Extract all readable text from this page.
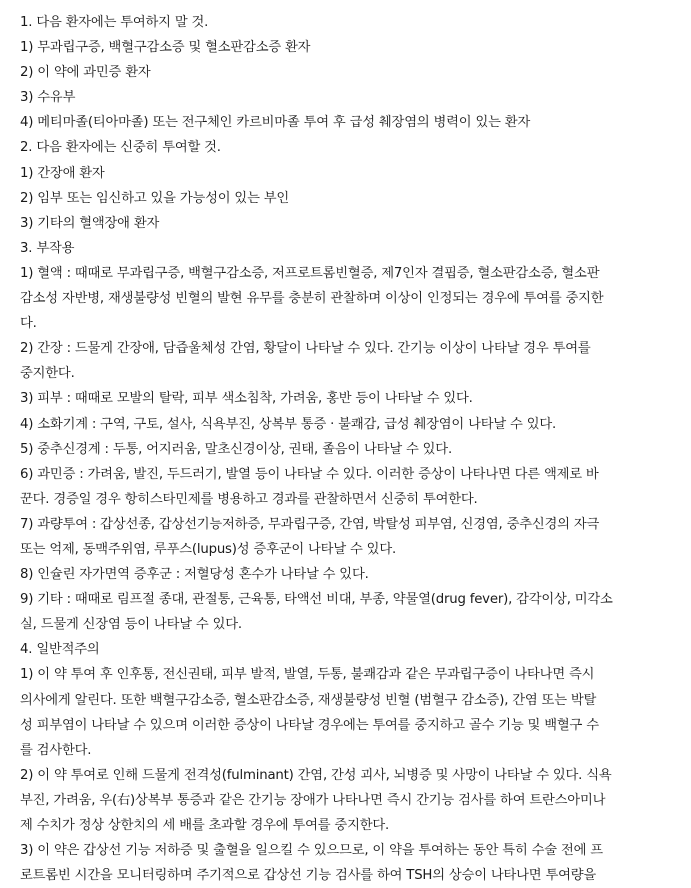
1. 다음 환자에는 투여하지 말 것.
1) 무과립구증, 백혈구감소증 및 혈소판감소증 환자
2) 이 약에 과민증 환자
3) 수유부
4) 메티마졸(티아마졸) 또는 전구체인 카르비마졸 투여 후 급성 췌장염의 병력이 있는 환자
2. 다음 환자에는 신중히 투여할 것.
1) 간장애 환자
2) 임부 또는 임신하고 있을 가능성이 있는 부인
3) 기타의 혈액장애 환자
3. 부작용
1) 혈액 : 때때로 무과립구증, 백혈구감소증, 저프로트롬빈혈증, 제7인자 결핍증, 혈소판감소증, 혈소판
감소성 자반병, 재생불량성 빈혈의 발현 유무를 충분히 관찰하며 이상이 인정되는 경우에 투여를 중지한
다.
2) 간장 : 드물게 간장애, 담즙울체성 간염, 황달이 나타날 수 있다. 간기능 이상이 나타날 경우 투여를
중지한다.
3) 피부 : 때때로 모발의 탈락, 피부 색소침착, 가려움, 홍반 등이 나타날 수 있다.
4) 소화기계 : 구역, 구토, 설사, 식욕부진, 상복부 통증 · 불쾌감, 급성 췌장염이 나타날 수 있다.
5) 중추신경계 : 두통, 어지러움, 말초신경이상, 권태, 졸음이 나타날 수 있다.
6) 과민증 : 가려움, 발진, 두드러기, 발열 등이 나타날 수 있다. 이러한 증상이 나타나면 다른 액제로 바
꾼다. 경증일 경우 항히스타민제를 병용하고 경과를 관찰하면서 신중히 투여한다.
7) 과량투여 : 갑상선종, 갑상선기능저하증, 무과립구증, 간염, 박탈성 피부염, 신경염, 중추신경의 자극
또는 억제, 동맥주위염, 루푸스(lupus)성 증후군이 나타날 수 있다.
8) 인슐린 자가면역 증후군 : 저혈당성 혼수가 나타날 수 있다.
9) 기타 : 때때로 림프절 종대, 관절통, 근육통, 타액선 비대, 부종, 약물열(drug fever), 감각이상, 미각소
실, 드물게 신장염 등이 나타날 수 있다.
4. 일반적주의
1) 이 약 투여 후 인후통, 전신권태, 피부 발적, 발열, 두통, 불쾌감과 같은 무과립구증이 나타나면 즉시
의사에게 알린다. 또한 백혈구감소증, 혈소판감소증, 재생불량성 빈혈 (범혈구 감소증), 간염 또는 박탈
성 피부염이 나타날 수 있으며 이러한 증상이 나타날 경우에는 투여를 중지하고 골수 기능 및 백혈구 수
를 검사한다.
2) 이 약 투여로 인해 드물게 전격성(fulminant) 간염, 간성 괴사, 뇌병증 및 사망이 나타날 수 있다. 식욕
부진, 가려움, 우(右)상복부 통증과 같은 간기능 장애가 나타나면 즉시 간기능 검사를 하여 트란스아미나
제 수치가 정상 상한치의 세 배를 초과할 경우에 투여를 중지한다.
3) 이 약은 갑상선 기능 저하증 및 출혈을 일으킬 수 있으므로, 이 약을 투여하는 동안 특히 수술 전에 프
로트롬빈 시간을 모니터링하며 주기적으로 갑상선 기능 검사를 하여 TSH의 상승이 나타나면 투여량을
